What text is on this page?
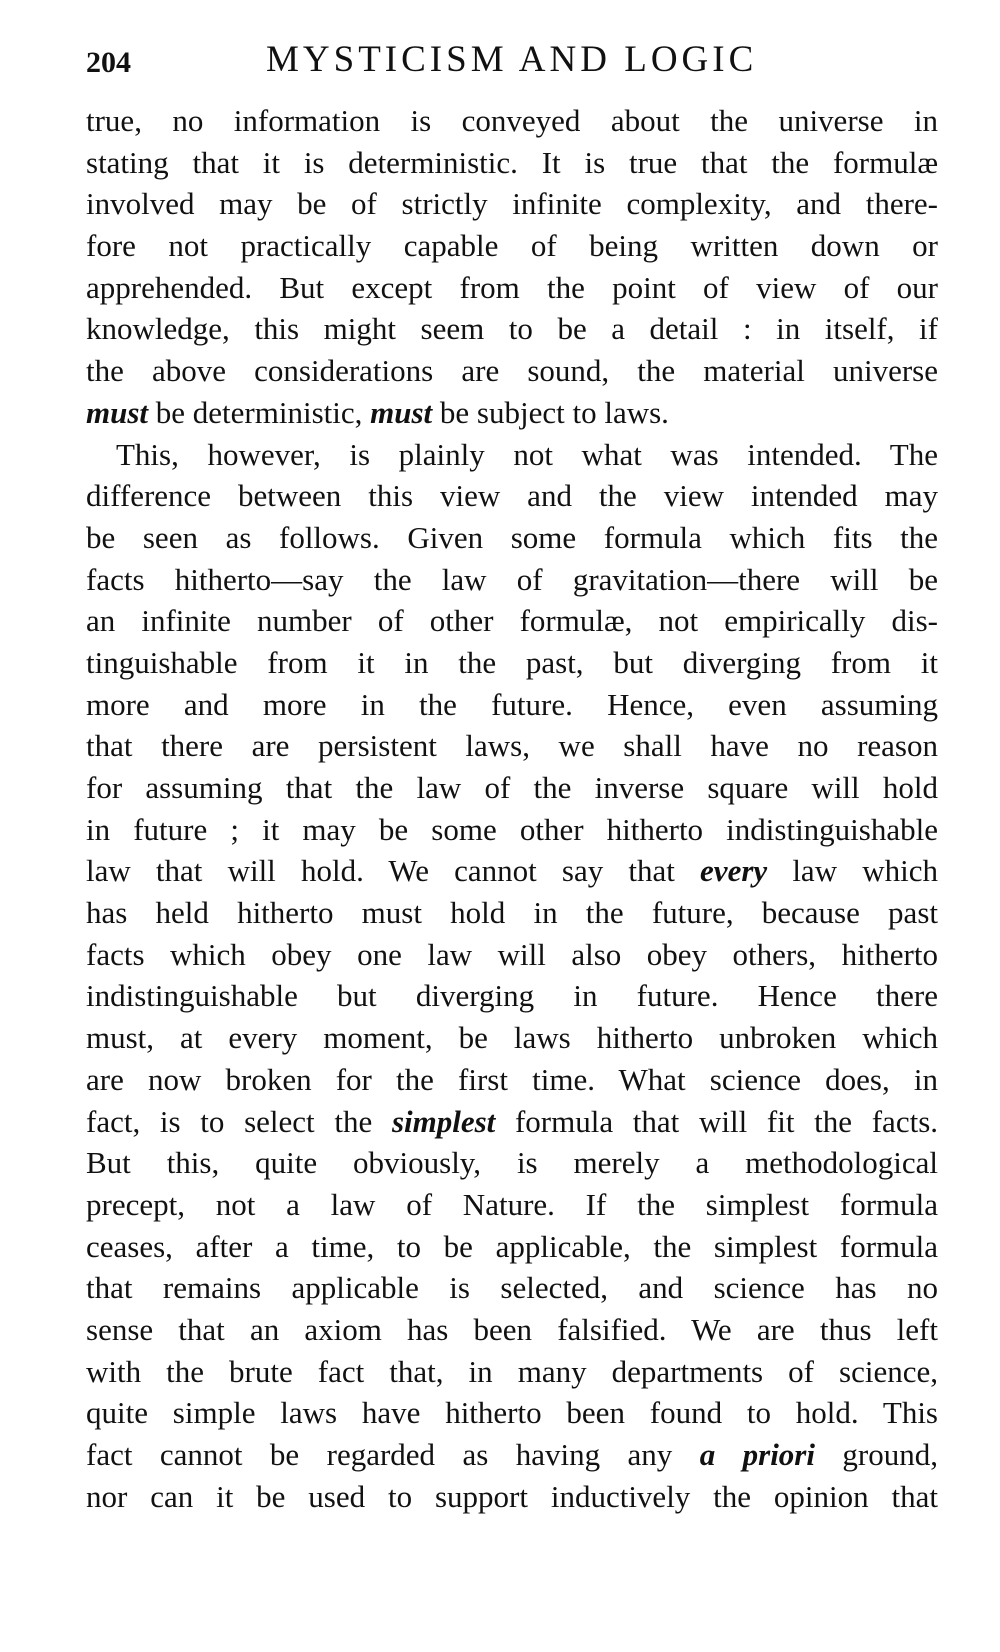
204	MYSTICISM AND LOGIC
true, no information is conveyed about the universe in
stating that it is deterministic. It is true that the formulæ
involved may be of strictly infinite complexity, and there-
fore not practically capable of being written down or
apprehended. But except from the point of view of our
knowledge, this might seem to be a detail : in itself, if
the above considerations are sound, the material universe
must be deterministic, must be subject to laws.
This, however, is plainly not what was intended. The
difference between this view and the view intended may
be seen as follows. Given some formula which fits the
facts hitherto—say the law of gravitation—there will be
an infinite number of other formulæ, not empirically dis-
tinguishable from it in the past, but diverging from it
more and more in the future. Hence, even assuming
that there are persistent laws, we shall have no reason
for assuming that the law of the inverse square will hold
in future ; it may be some other hitherto indistinguishable
law that will hold. We cannot say that every law which
has held hitherto must hold in the future, because past
facts which obey one law will also obey others, hitherto
indistinguishable but diverging in future. Hence there
must, at every moment, be laws hitherto unbroken which
are now broken for the first time. What science does, in
fact, is to select the simplest formula that will fit the facts.
But this, quite obviously, is merely a methodological
precept, not a law of Nature. If the simplest formula
ceases, after a time, to be applicable, the simplest formula
that remains applicable is selected, and science has no
sense that an axiom has been falsified. We are thus left
with the brute fact that, in many departments of science,
quite simple laws have hitherto been found to hold. This
fact cannot be regarded as having any a priori ground,
nor can it be used to support inductively the opinion that
